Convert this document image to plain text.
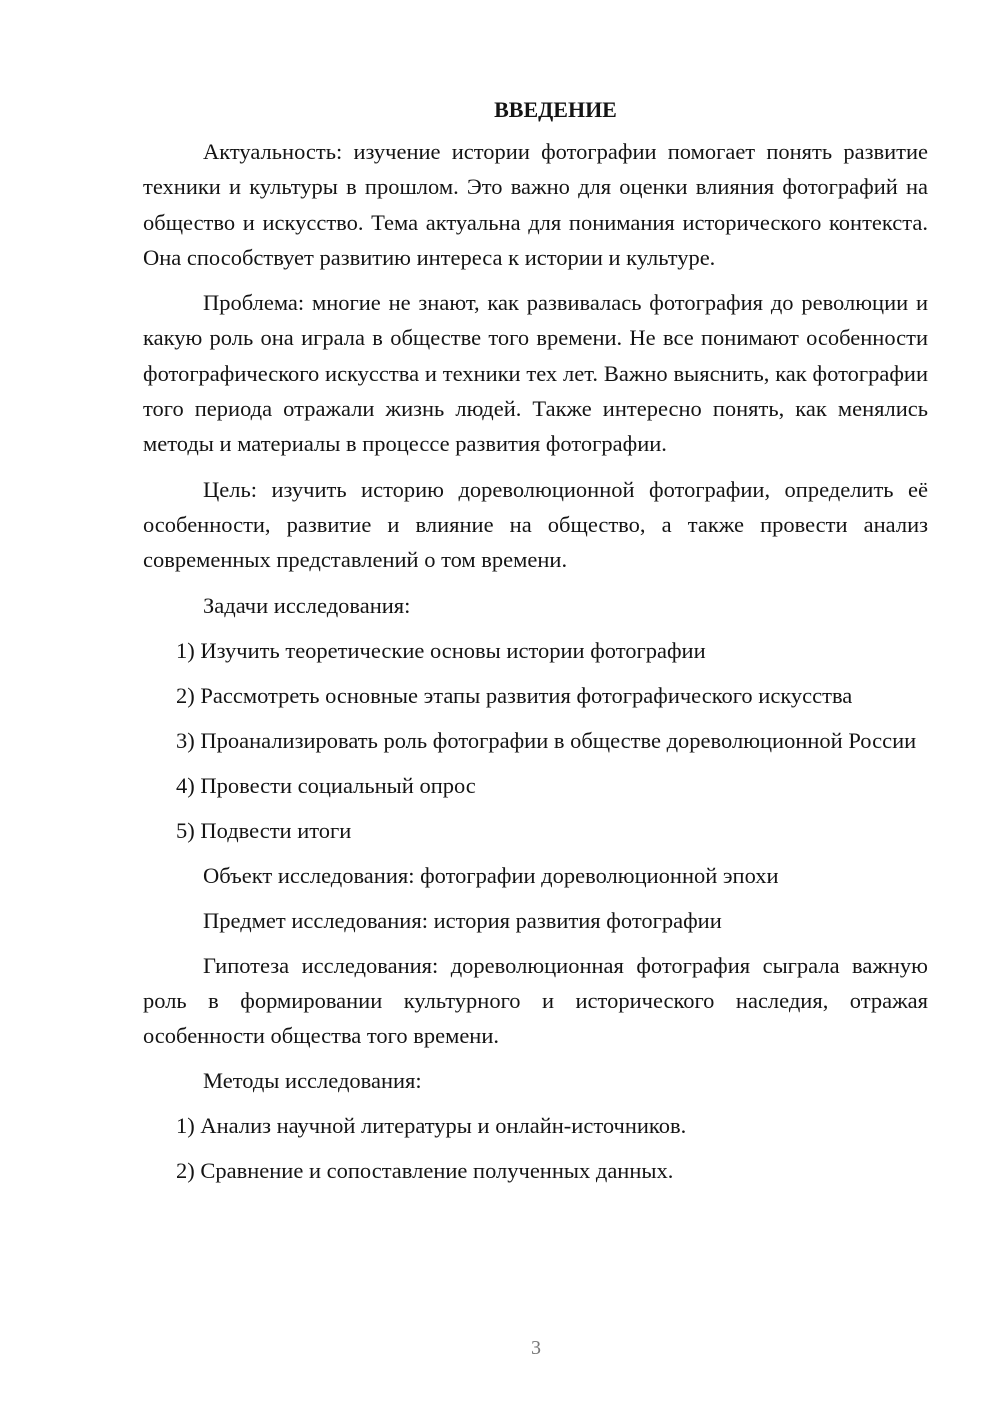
ВВЕДЕНИЕ

Актуальность: изучение истории фотографии помогает понять развитие техники и культуры в прошлом. Это важно для оценки влияния фотографий на общество и искусство. Тема актуальна для понимания исторического контекста. Она способствует развитию интереса к истории и культуре.

Проблема: многие не знают, как развивалась фотография до революции и какую роль она играла в обществе того времени. Не все понимают особенности фотографического искусства и техники тех лет. Важно выяснить, как фотографии того периода отражали жизнь людей. Также интересно понять, как менялись методы и материалы в процессе развития фотографии.

Цель: изучить историю дореволюционной фотографии, определить её особенности, развитие и влияние на общество, а также провести анализ современных представлений о том времени.

Задачи исследования:

1) Изучить теоретические основы истории фотографии

2) Рассмотреть основные этапы развития фотографического искусства

3) Проанализировать роль фотографии в обществе дореволюционной России

4) Провести социальный опрос

5) Подвести итоги

Объект исследования: фотографии дореволюционной эпохи

Предмет исследования: история развития фотографии

Гипотеза исследования: дореволюционная фотография сыграла важную роль в формировании культурного и исторического наследия, отражая особенности общества того времени.

Методы исследования:

1) Анализ научной литературы и онлайн-источников.

2) Сравнение и сопоставление полученных данных.

3
